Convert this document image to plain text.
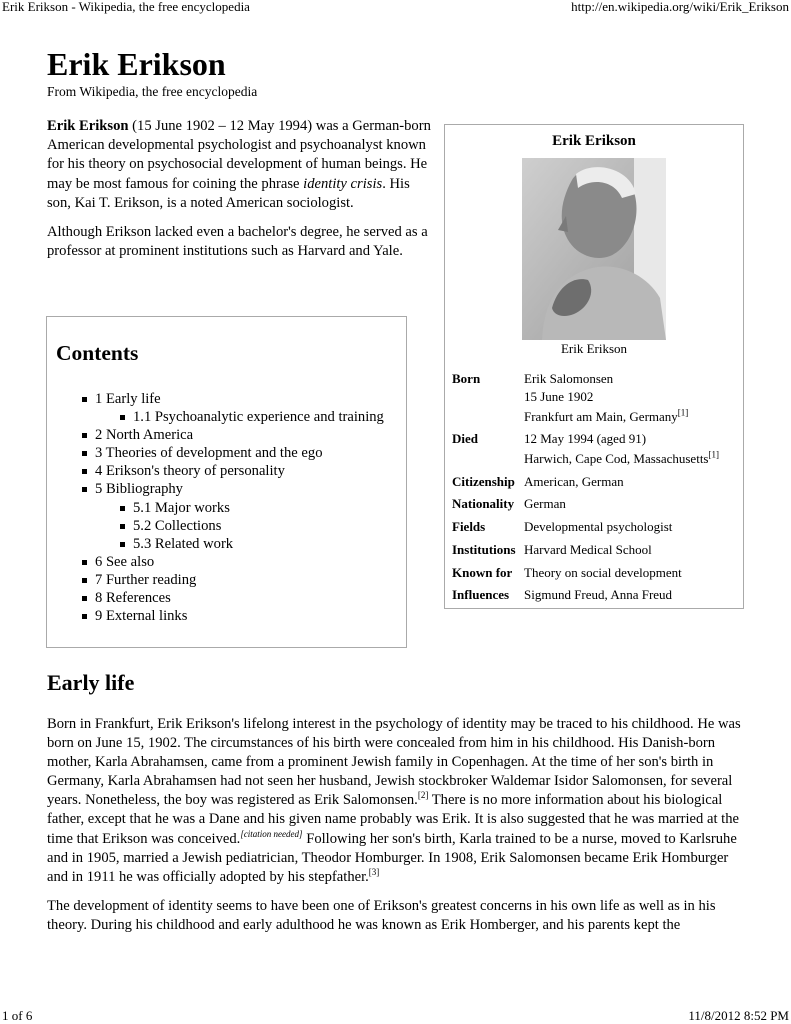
Erik Erikson - Wikipedia, the free encyclopedia	http://en.wikipedia.org/wiki/Erik_Erikson
1 of 6	11/8/2012 8:52 PM
Erik Erikson
From Wikipedia, the free encyclopedia

Erik Erikson (15 June 1902 – 12 May 1994) was a German-born American developmental psychologist and psychoanalyst known for his theory on psychosocial development of human beings. He may be most famous for coining the phrase identity crisis. His son, Kai T. Erikson, is a noted American sociologist.

Although Erikson lacked even a bachelor's degree, he served as a professor at prominent institutions such as Harvard and Yale.

Contents
1 Early life
1.1 Psychoanalytic experience and training
2 North America
3 Theories of development and the ego
4 Erikson's theory of personality
5 Bibliography
5.1 Major works
5.2 Collections
5.3 Related work
6 See also
7 Further reading
8 References
9 External links
Erik Erikson
Erik Erikson
Born	Erik Salomonsen
15 June 1902
Frankfurt am Main, Germany[1]
Died	12 May 1994 (aged 91)
Harwich, Cape Cod, Massachusetts[1]
Citizenship American, German
Nationality German
Fields	Developmental psychologist
Institutions Harvard Medical School
Known for Theory on social development
Influences Sigmund Freud, Anna Freud
Early life

Born in Frankfurt, Erik Erikson's lifelong interest in the psychology of identity may be traced to his childhood. He was born on June 15, 1902. The circumstances of his birth were concealed from him in his childhood. His Danish-born mother, Karla Abrahamsen, came from a prominent Jewish family in Copenhagen. At the time of her son's birth in Germany, Karla Abrahamsen had not seen her husband, Jewish stockbroker Waldemar Isidor Salomonsen, for several years. Nonetheless, the boy was registered as Erik Salomonsen.[2] There is no more information about his biological father, except that he was a Dane and his given name probably was Erik. It is also suggested that he was married at the time that Erikson was conceived.[citation needed] Following her son's birth, Karla trained to be a nurse, moved to Karlsruhe and in 1905, married a Jewish pediatrician, Theodor Homburger. In 1908, Erik Salomonsen became Erik Homburger and in 1911 he was officially adopted by his stepfather.[3]

The development of identity seems to have been one of Erikson's greatest concerns in his own life as well as in his theory. During his childhood and early adulthood he was known as Erik Homberger, and his parents kept the
